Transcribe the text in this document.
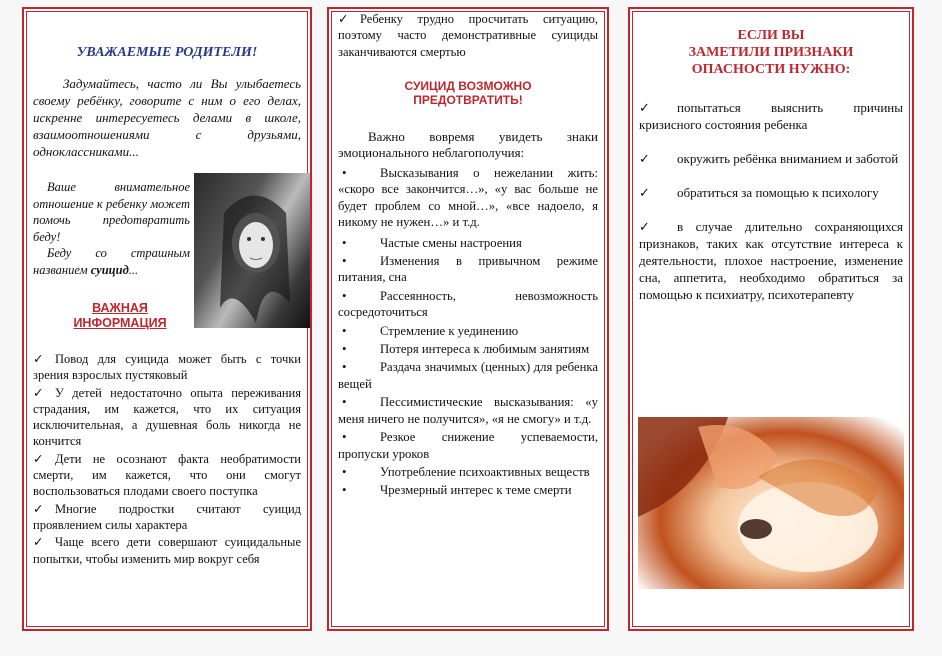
УВАЖАЕМЫЕ РОДИТЕЛИ!

Задумайтесь, часто ли Вы улыбаетесь своему ребёнку, говорите с ним о его делах, искренне интересуетесь делами в школе, взаимоотношениями с друзьями, одноклассниками...

Ваше внимательное отношение к ребенку может помочь предотвратить беду!

Беду со страшным названием суицид...

ВАЖНАЯ
ИНФОРМАЦИЯ

✓ Повод для суицида может быть с точки зрения взрослых пустяковый

✓ У детей недостаточно опыта переживания страдания, им кажется, что их ситуация исключительная, а душевная боль никогда не кончится

✓ Дети не осознают факта необратимости смерти, им кажется, что они смогут воспользоваться плодами своего поступка

✓ Многие подростки считают суицид проявлением силы характера

✓ Чаще всего дети совершают суицидальные попытки, чтобы изменить мир вокруг себя

✓ Ребенку трудно просчитать ситуацию, поэтому часто демонстративные суициды заканчиваются смертью

СУИЦИД ВОЗМОЖНО
ПРЕДОТВРАТИТЬ!

Важно вовремя увидеть знаки эмоционального неблагополучия:

•	Высказывания о нежелании жить: «скоро все закончится…», «у вас больше не будет проблем со мной…», «все надоело, я никому не нужен…» и т.д.

•	Частые смены настроения

•	Изменения в привычном режиме питания, сна

•	Рассеянность, невозможность сосредоточиться

•	Стремление к уединению

•	Потеря интереса к любимым занятиям

•	Раздача значимых (ценных) для ребенка вещей

•	Пессимистические высказывания: «у меня ничего не получится», «я не смогу» и т.д.

•	Резкое снижение успеваемости, пропуски уроков

•	Употребление психоактивных веществ

•	Чрезмерный интерес к теме смерти

ЕСЛИ ВЫ
ЗАМЕТИЛИ ПРИЗНАКИ
ОПАСНОСТИ НУЖНО:

✓ попытаться выяснить причины кризисного состояния ребенка

✓ окружить ребёнка вниманием и заботой

✓ обратиться за помощью к психологу

✓ в случае длительно сохраняющихся признаков, таких как отсутствие интереса к деятельности, плохое настроение, изменение сна, аппетита, необходимо обратиться за помощью к психиатру, психотерапевту
